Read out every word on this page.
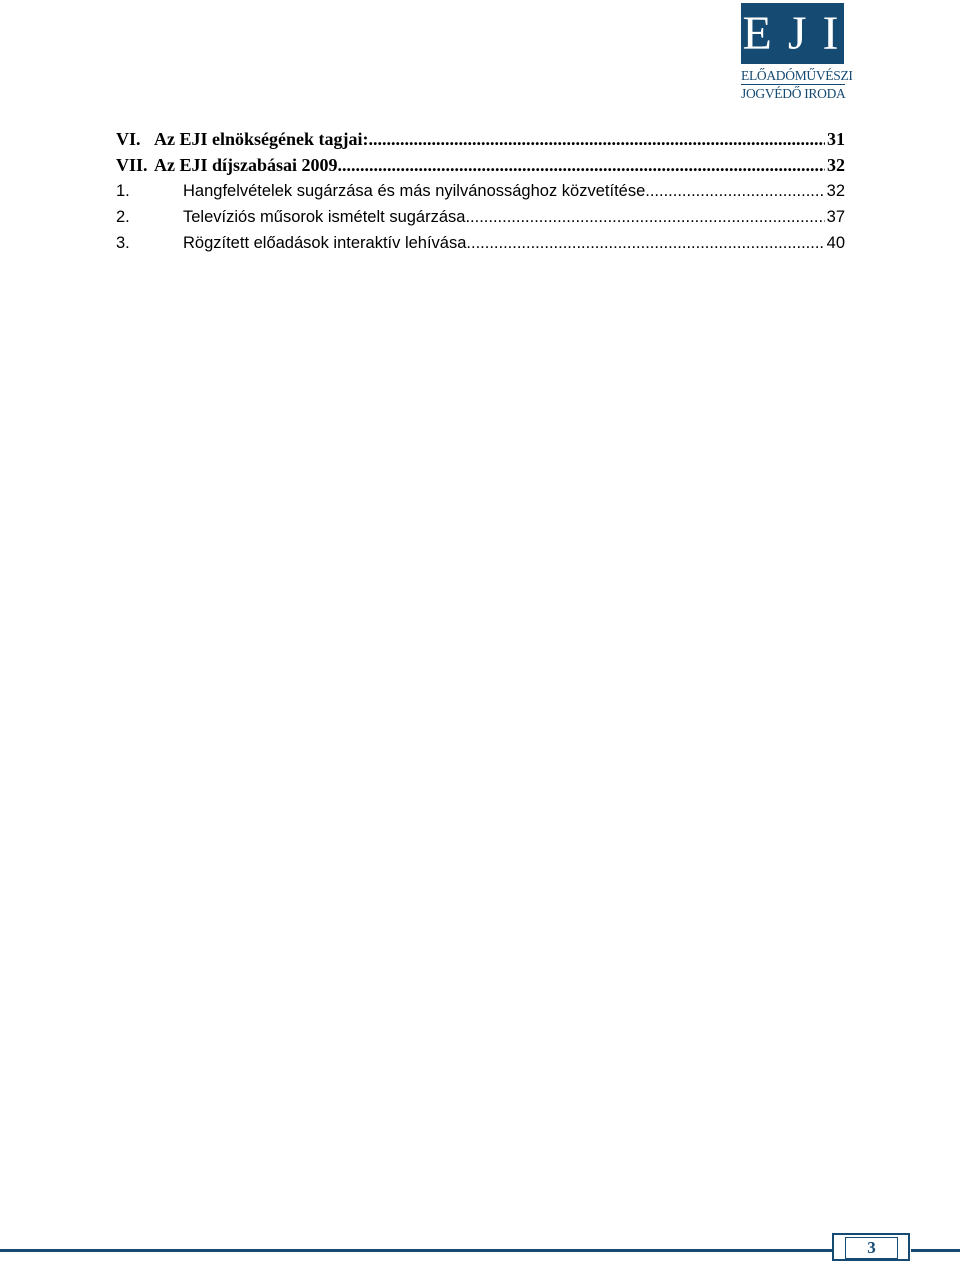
EJI
ELŐADÓMŰVÉSZI
JOGVÉDŐ IRODA
VI. Az EJI elnökségének tagjai: .....	31
VII. Az EJI díjszabásai 2009 .....	32
1.	Hangfelvételek sugárzása és más nyilvánossághoz közvetítése .....	32
2.	Televíziós műsorok ismételt sugárzása .....	37
3.	Rögzített előadások interaktív lehívása .....	40
3
